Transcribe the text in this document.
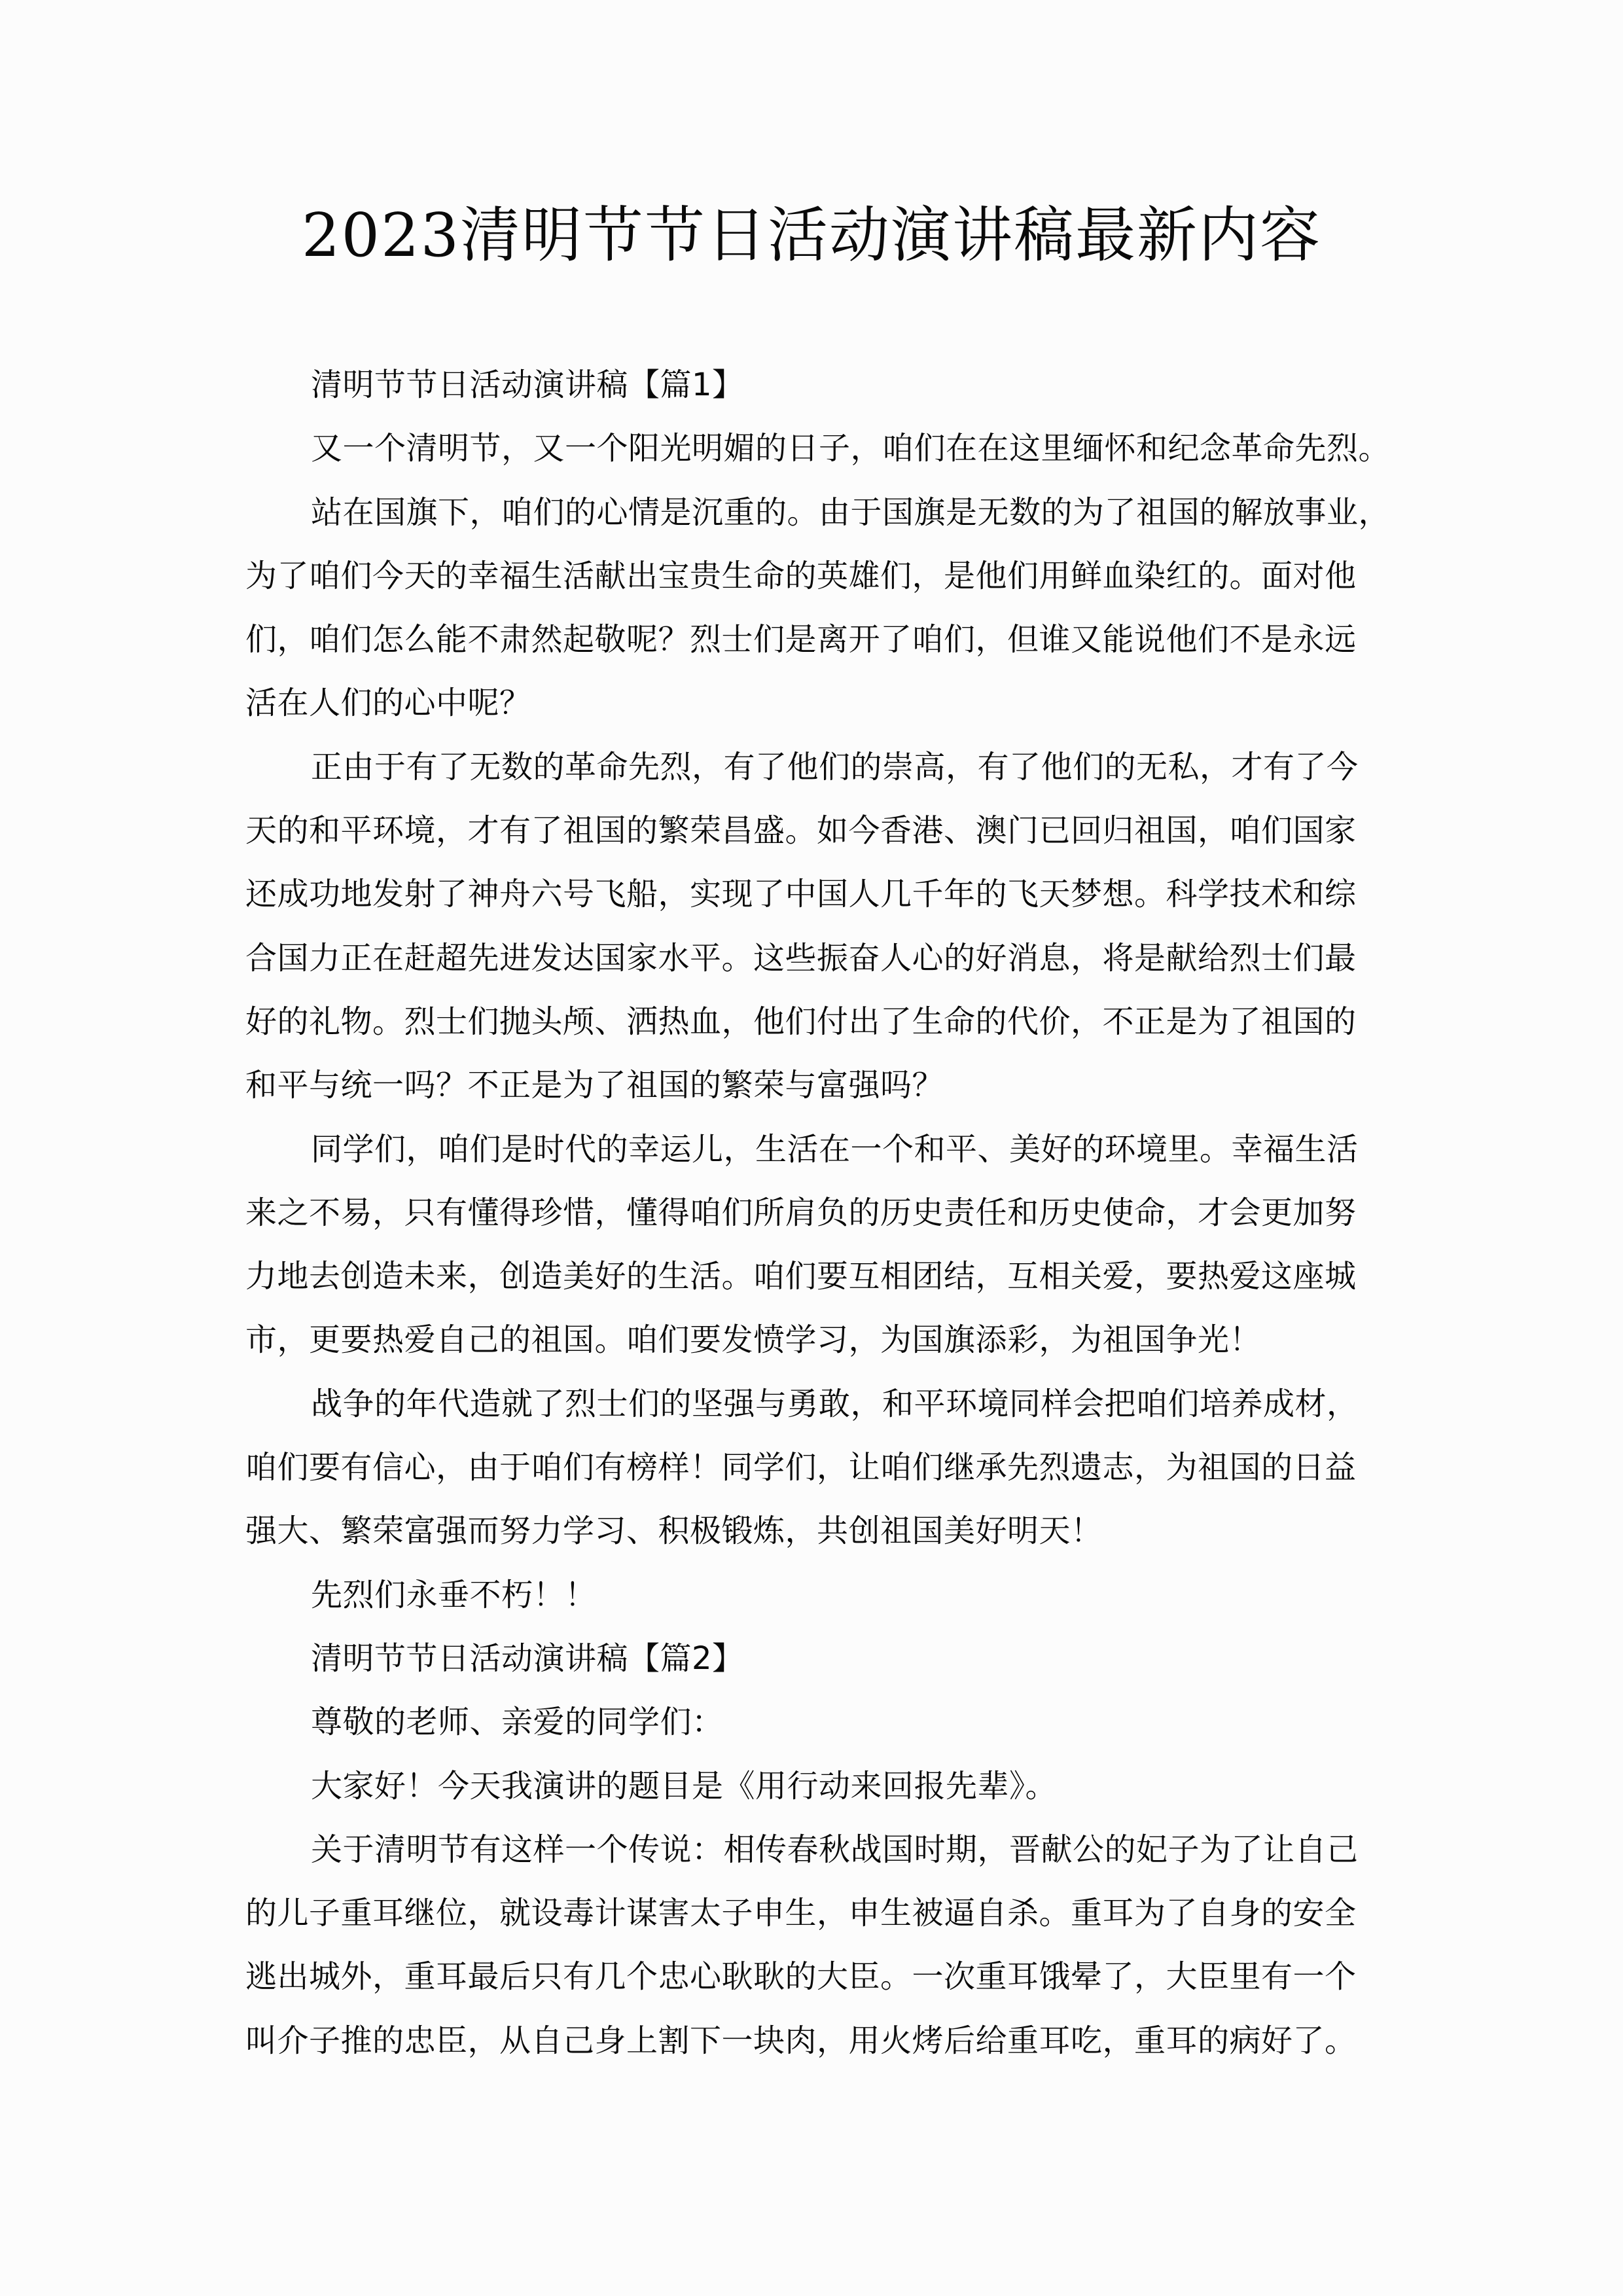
2023清明节节日活动演讲稿最新内容
清明节节日活动演讲稿【篇1】
又一个清明节，又一个阳光明媚的日子，咱们在在这里缅怀和纪念革命先烈。
站在国旗下，咱们的心情是沉重的。由于国旗是无数的为了祖国的解放事业，
为了咱们今天的幸福生活献出宝贵生命的英雄们，是他们用鲜血染红的。面对他
们，咱们怎么能不肃然起敬呢？烈士们是离开了咱们，但谁又能说他们不是永远
活在人们的心中呢？
正由于有了无数的革命先烈，有了他们的崇高，有了他们的无私，才有了今
天的和平环境，才有了祖国的繁荣昌盛。如今香港、澳门已回归祖国，咱们国家
还成功地发射了神舟六号飞船，实现了中国人几千年的飞天梦想。科学技术和综
合国力正在赶超先进发达国家水平。这些振奋人心的好消息，将是献给烈士们最
好的礼物。烈士们抛头颅、洒热血，他们付出了生命的代价，不正是为了祖国的
和平与统一吗？不正是为了祖国的繁荣与富强吗？
同学们，咱们是时代的幸运儿，生活在一个和平、美好的环境里。幸福生活
来之不易，只有懂得珍惜，懂得咱们所肩负的历史责任和历史使命，才会更加努
力地去创造未来，创造美好的生活。咱们要互相团结，互相关爱，要热爱这座城
市，更要热爱自己的祖国。咱们要发愤学习，为国旗添彩，为祖国争光！
战争的年代造就了烈士们的坚强与勇敢，和平环境同样会把咱们培养成材，
咱们要有信心，由于咱们有榜样！同学们，让咱们继承先烈遗志，为祖国的日益
强大、繁荣富强而努力学习、积极锻炼，共创祖国美好明天！
先烈们永垂不朽！！
清明节节日活动演讲稿【篇2】
尊敬的老师、亲爱的同学们：
大家好！今天我演讲的题目是《用行动来回报先辈》。
关于清明节有这样一个传说：相传春秋战国时期，晋献公的妃子为了让自己
的儿子重耳继位，就设毒计谋害太子申生，申生被逼自杀。重耳为了自身的安全
逃出城外，重耳最后只有几个忠心耿耿的大臣。一次重耳饿晕了，大臣里有一个
叫介子推的忠臣，从自己身上割下一块肉，用火烤后给重耳吃，重耳的病好了。
